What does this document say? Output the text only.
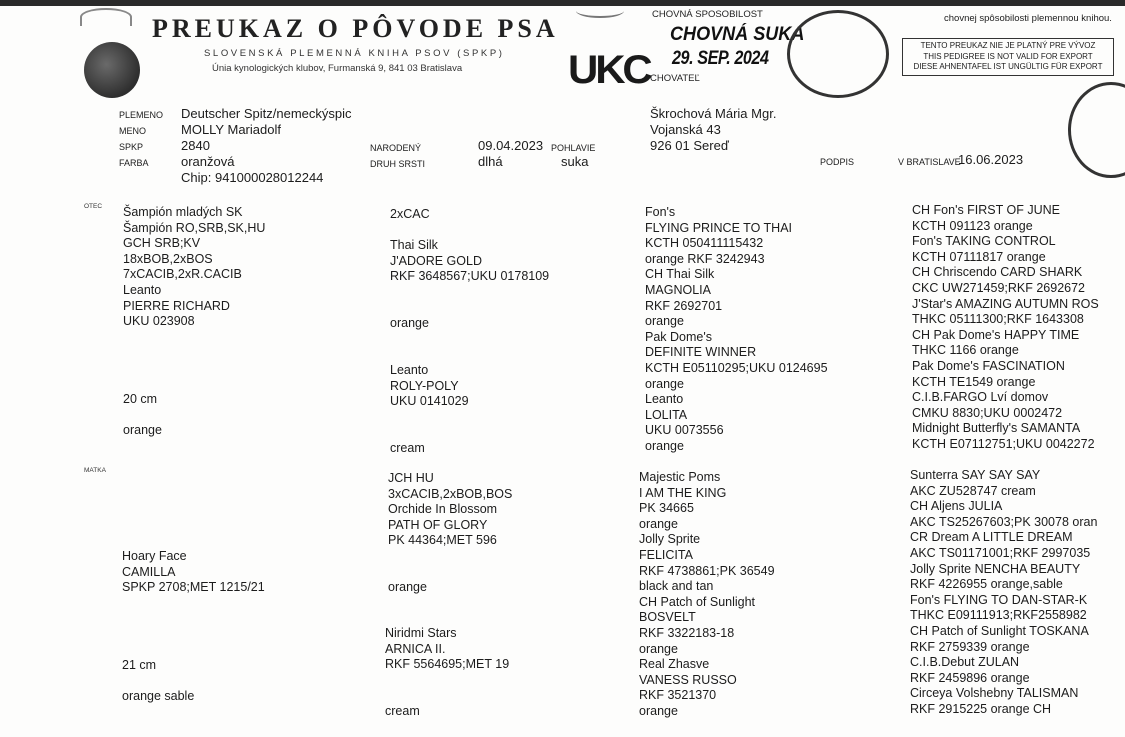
PREUKAZ O PÔVODE PSA
SLOVENSKÁ PLEMENNÁ KNIHA PSOV (SPKP)
Únia kynologických klubov, Furmanská 9, 841 03 Bratislava	UKC
CHOVNÁ SPOSOBILOST
CHOVNÁ SUKA
29. SEP. 2024
CHOVATEĽ
chovnej spôsobilosti plemennou knihou.
TENTO PREUKAZ NIE JE PLATNÝ PRE VÝVOZ
THIS PEDIGREE IS NOT VALID FOR EXPORT
DIESE AHNENTAFEL IST UNGÜLTIG FÜR EXPORT
PLEMENO
MENO
SPKP
FARBA
Deutscher Spitz/nemeckýspic
MOLLY Mariadolf
2840
oranžová
Chip: 941000028012244
NARODENÝ
DRUH SRSTI
09.04.2023
dlhá
POHLAVIE
suka
Škrochová Mária Mgr.
Vojanská 43
926 01 Sereď
PODPIS	V BRATISLAVE
16.06.2023
OTEC
MATKA
Šampión mladých SK
Šampión RO,SRB,SK,HU
GCH SRB;KV
18xBOB,2xBOS
7xCACIB,2xR.CACIB
Leanto
PIERRE RICHARD
UKU 023908
20 cm
orange
2xCAC
Thai Silk
J'ADORE GOLD
RKF 3648567;UKU 0178109
orange
Leanto
ROLY-POLY
UKU 0141029
cream
Fon's
FLYING PRINCE TO THAI
KCTH 050411115432
orange RKF 3242943
CH Thai Silk
MAGNOLIA
RKF 2692701
orange
Pak Dome's
DEFINITE WINNER
KCTH E05110295;UKU 0124695
orange
Leanto
LOLITA
UKU 0073556
orange
CH Fon's FIRST OF JUNE
KCTH 091123 orange
Fon's TAKING CONTROL
KCTH 07111817 orange
CH Chriscendo CARD SHARK
CKC UW271459;RKF 2692672
J'Star's AMAZING AUTUMN ROS
THKC 05111300;RKF 1643308
CH Pak Dome's HAPPY TIME
THKC 1166 orange
Pak Dome's FASCINATION
KCTH TE1549 orange
C.I.B.FARGO Lví domov
CMKU 8830;UKU 0002472
Midnight Butterfly's SAMANTA
KCTH E07112751;UKU 0042272
Hoary Face
CAMILLA
SPKP 2708;MET 1215/21
21 cm
orange sable
JCH HU
3xCACIB,2xBOB,BOS
Orchide In Blossom
PATH OF GLORY
PK 44364;MET 596
orange
Niridmi Stars
ARNICA II.
RKF 5564695;MET 19
cream
Majestic Poms
I AM THE KING
PK 34665
orange
Jolly Sprite
FELICITA
RKF 4738861;PK 36549
black and tan
CH Patch of Sunlight
BOSVELT
RKF 3322183-18
orange
Real Zhasve
VANESS RUSSO
RKF 3521370
orange
Sunterra SAY SAY SAY
AKC ZU528747 cream
CH Aljens JULIA
AKC TS25267603;PK 30078 oran
CR Dream A LITTLE DREAM
AKC TS01171001;RKF 2997035
Jolly Sprite NENCHA BEAUTY
RKF 4226955 orange,sable
Fon's FLYING TO DAN-STAR-K
THKC E09111913;RKF2558982
CH Patch of Sunlight TOSKANA
RKF 2759339 orange
C.I.B.Debut ZULAN
RKF 2459896 orange
Circeya Volshebny TALISMAN
RKF 2915225 orange CH
